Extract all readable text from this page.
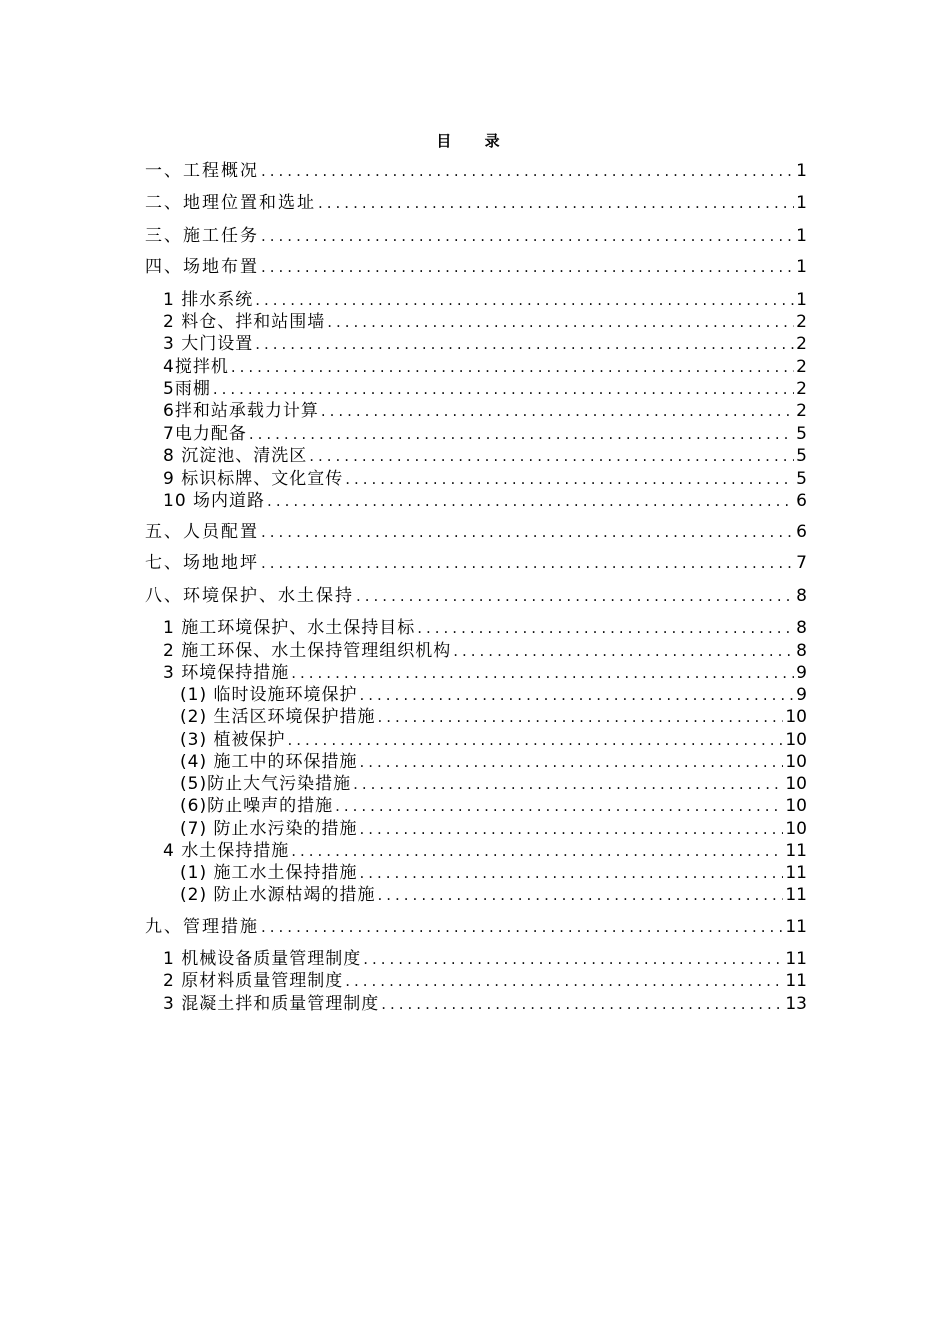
目 录
一、工程概况 .....	1
二、地理位置和选址 .....	1
三、施工任务 .....	1
四、场地布置 .....	1
1 排水系统 .....	1
2 料仓、拌和站围墙 .....	2
3 大门设置 .....	2
4搅拌机 .....	2
5雨棚 .....	2
6拌和站承载力计算 .....	2
7电力配备 .....	5
8 沉淀池、清洗区 .....	5
9 标识标牌、文化宣传 .....	5
10 场内道路 .....	6
五、人员配置 .....	6
七、场地地坪 .....	7
八、环境保护、水土保持 .....	8
1 施工环境保护、水土保持目标 .....	8
2 施工环保、水土保持管理组织机构 .....	8
3 环境保持措施 .....	9
(1) 临时设施环境保护 .....	9
(2) 生活区环境保护措施 .....	10
(3) 植被保护 .....	10
(4) 施工中的环保措施 .....	10
(5)防止大气污染措施 .....	10
(6)防止噪声的措施 .....	10
(7) 防止水污染的措施 .....	10
4 水土保持措施 .....	11
(1) 施工水土保持措施 .....	11
(2) 防止水源枯竭的措施 .....	11
九、管理措施 .....	11
1 机械设备质量管理制度 .....	11
2 原材料质量管理制度 .....	11
3 混凝土拌和质量管理制度 .....	13
